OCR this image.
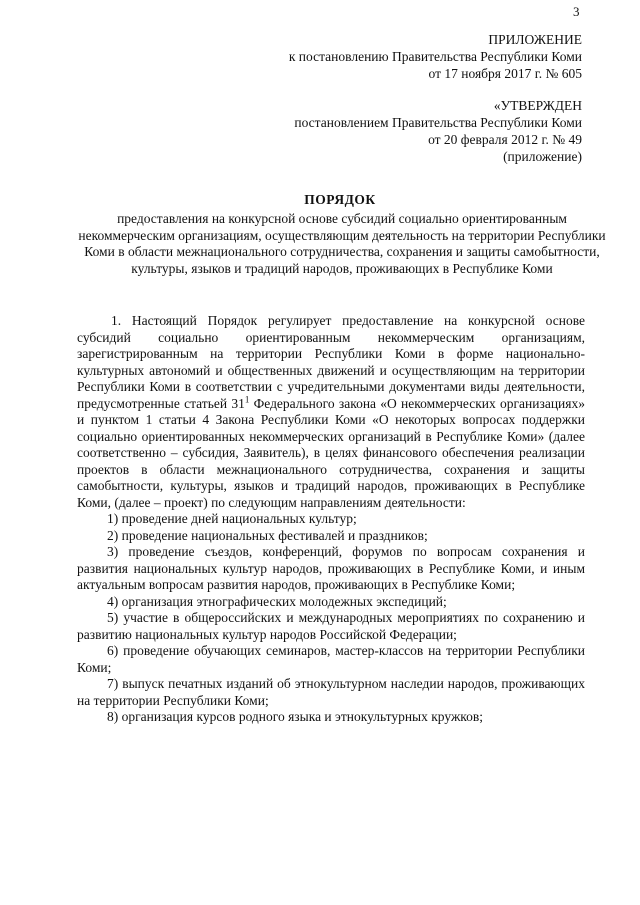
3
ПРИЛОЖЕНИЕ
к постановлению Правительства Республики Коми
от 17 ноября 2017 г. № 605
«УТВЕРЖДЕН
постановлением Правительства Республики Коми
от 20 февраля 2012 г. № 49
(приложение)
ПОРЯДОК
предоставления на конкурсной основе субсидий социально ориентированным некоммерческим организациям, осуществляющим деятельность на территории Республики Коми в области межнационального сотрудничества, сохранения и защиты самобытности, культуры, языков и традиций народов, проживающих в Республике Коми

1. Настоящий Порядок регулирует предоставление на конкурсной основе субсидий социально ориентированным некоммерческим организациям, зарегистрированным на территории Республики Коми в форме национально-культурных автономий и общественных движений и осуществляющим на территории Республики Коми в соответствии с учредительными документами виды деятельности, предусмотренные статьей $31^1$ Федерального закона «О некоммерческих организациях» и пунктом 1 статьи 4 Закона Республики Коми «О некоторых вопросах поддержки социально ориентированных некоммерческих организаций в Республике Коми» (далее соответственно – субсидия, Заявитель), в целях финансового обеспечения реализации проектов в области межнационального сотрудничества, сохранения и защиты самобытности, культуры, языков и традиций народов, проживающих в Республике Коми, (далее – проект) по следующим направлениям деятельности:

1) проведение дней национальных культур;

2) проведение национальных фестивалей и праздников;

3) проведение съездов, конференций, форумов по вопросам сохранения и развития национальных культур народов, проживающих в Республике Коми, и иным актуальным вопросам развития народов, проживающих в Республике Коми;

4) организация этнографических молодежных экспедиций;

5) участие в общероссийских и международных мероприятиях по сохранению и развитию национальных культур народов Российской Федерации;

6) проведение обучающих семинаров, мастер-классов на территории Республики Коми;

7) выпуск печатных изданий об этнокультурном наследии народов, проживающих на территории Республики Коми;

8) организация курсов родного языка и этнокультурных кружков;
